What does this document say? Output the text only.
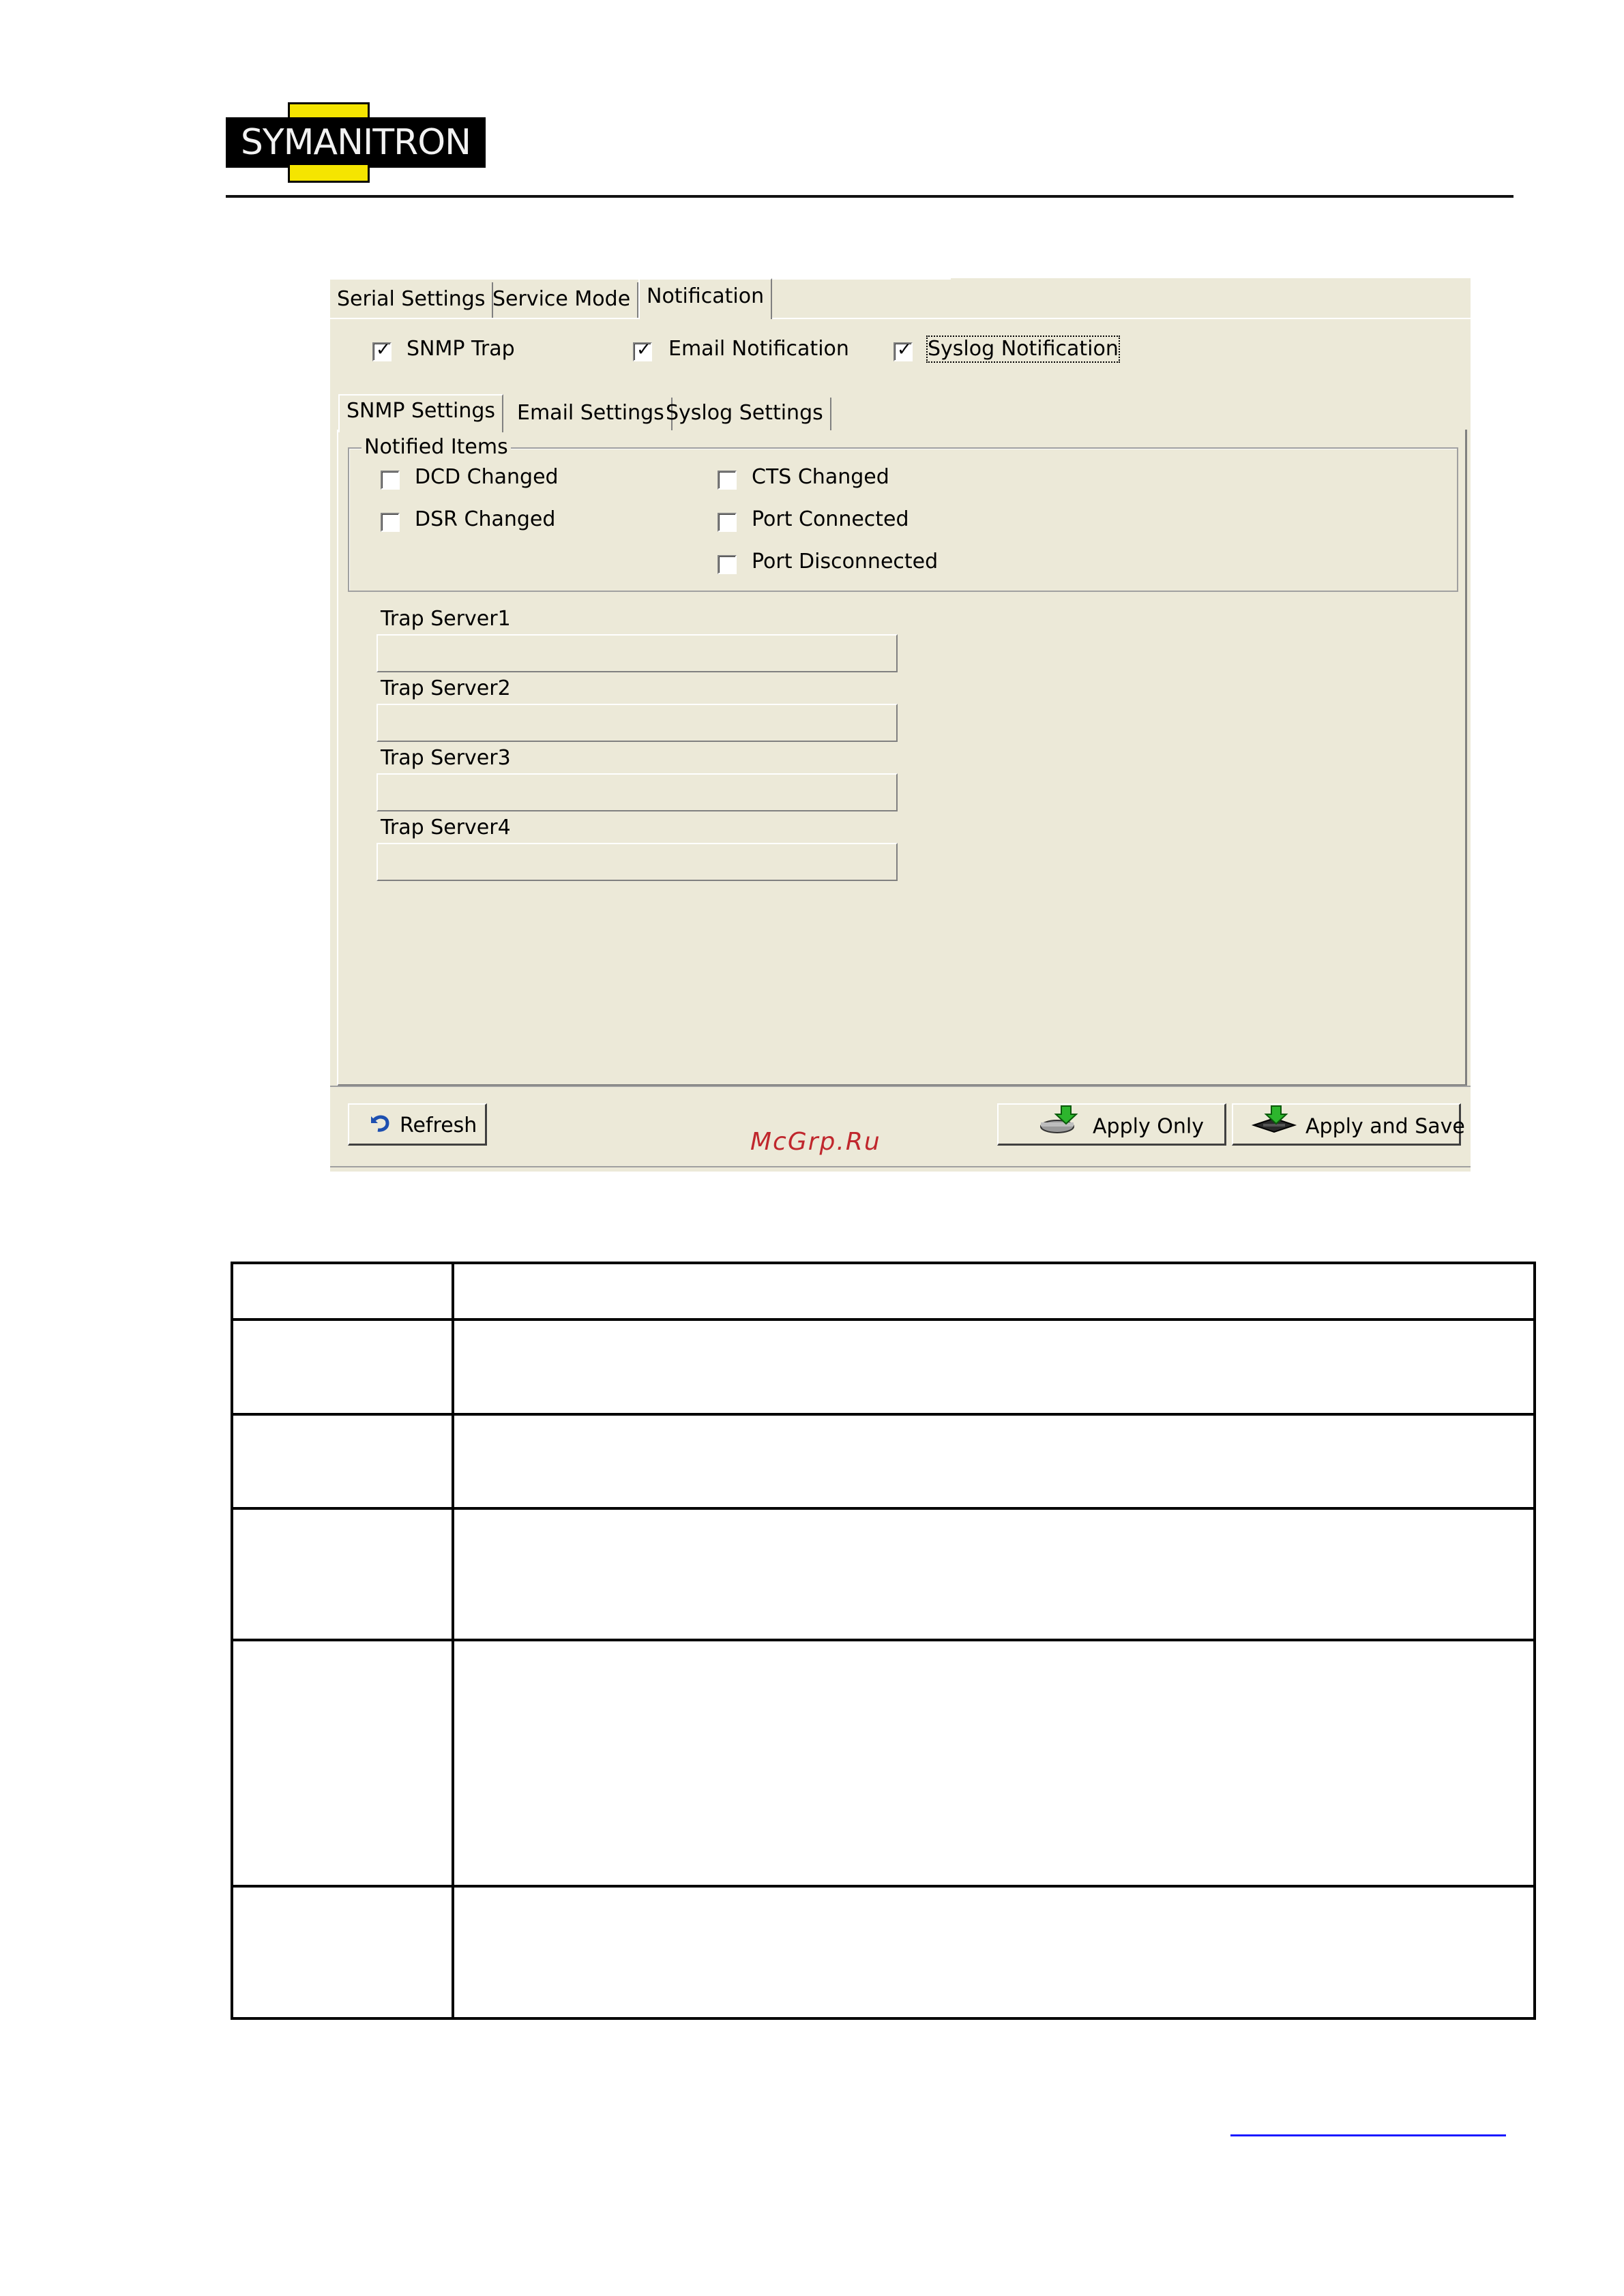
SYMANITRON
Serial Settings Service Mode Notification
✓ SNMP Trap	✓ Email Notification	✓ Syslog Notification
SNMP Settings	Email Settings Syslog Settings
Notified Items
DCD Changed	CTS Changed
DSR Changed	Port Connected
Port Disconnected
Trap Server1
Trap Server2
Trap Server3
Trap Server4
Refresh	Apply Only	Apply and Save
McGrp.Ru
